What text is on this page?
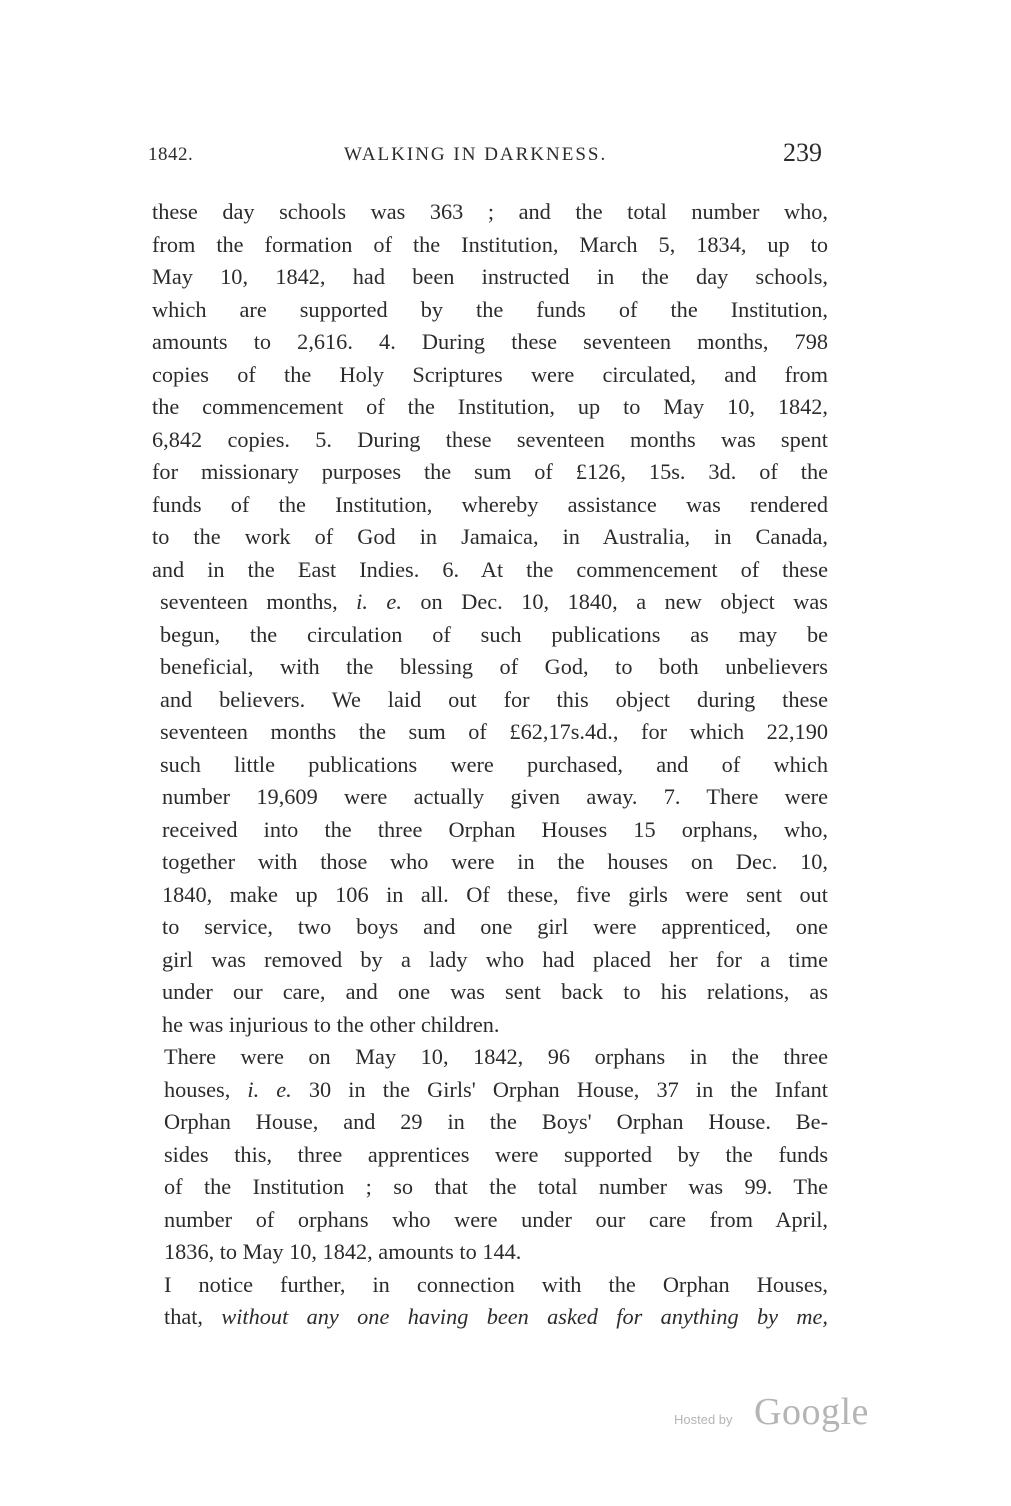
1842.	WALKING IN DARKNESS.	239
these day schools was 363 ; and the total number who,
from the formation of the Institution, March 5, 1834, up to
May 10, 1842, had been instructed in the day schools,
which are supported by the funds of the Institution,
amounts to 2,616. 4. During these seventeen months, 798
copies of the Holy Scriptures were circulated, and from
the commencement of the Institution, up to May 10, 1842,
6,842 copies. 5. During these seventeen months was spent
for missionary purposes the sum of £126, 15s. 3d. of the
funds of the Institution, whereby assistance was rendered
to the work of God in Jamaica, in Australia, in Canada,
and in the East Indies. 6. At the commencement of these
seventeen months, i. e. on Dec. 10, 1840, a new object was
begun, the circulation of such publications as may be
beneficial, with the blessing of God, to both unbelievers
and believers. We laid out for this object during these
seventeen months the sum of £62,17s.4d., for which 22,190
such little publications were purchased, and of which
number 19,609 were actually given away. 7. There were
received into the three Orphan Houses 15 orphans, who,
together with those who were in the houses on Dec. 10,
1840, make up 106 in all. Of these, five girls were sent out
to service, two boys and one girl were apprenticed, one
girl was removed by a lady who had placed her for a time
under our care, and one was sent back to his relations, as
he was injurious to the other children.
There were on May 10, 1842, 96 orphans in the three
houses, i. e. 30 in the Girls' Orphan House, 37 in the Infant
Orphan House, and 29 in the Boys' Orphan House. Be-
sides this, three apprentices were supported by the funds
of the Institution ; so that the total number was 99. The
number of orphans who were under our care from April,
1836, to May 10, 1842, amounts to 144.
I notice further, in connection with the Orphan Houses,
that, without any one having been asked for anything by me,
Hosted by Google
